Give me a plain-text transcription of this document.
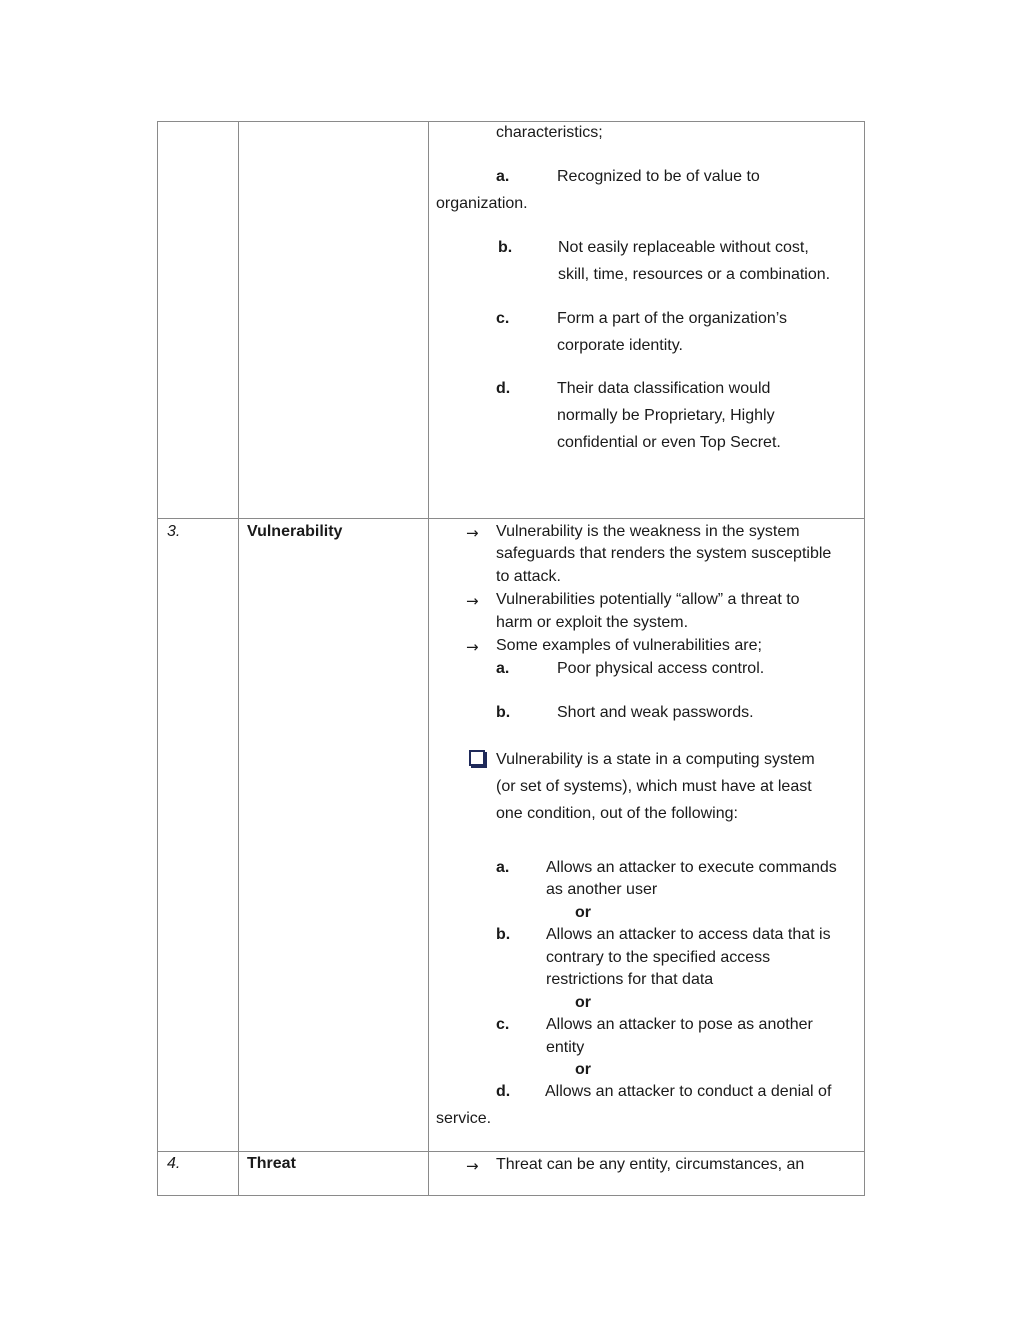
characteristics;
a.	Recognized to be of value to
organization.
b.	Not easily replaceable without cost,
skill, time, resources or a combination.
c.	Form a part of the organization’s
corporate identity.
d.	Their data classification would
normally be Proprietary, Highly
confidential or even Top Secret.
3.	Vulnerability	→ Vulnerability is the weakness in the system
safeguards that renders the system susceptible
to attack.
→ Vulnerabilities potentially “allow” a threat to
harm or exploit the system.
→ Some examples of vulnerabilities are;
a.	Poor physical access control.
b.	Short and weak passwords.
Vulnerability is a state in a computing system
(or set of systems), which must have at least
one condition, out of the following:
a. Allows an attacker to execute commands
as another user
or
b. Allows an attacker to access data that is
contrary to the specified access
restrictions for that data
or
c. Allows an attacker to pose as another
entity
or
d. Allows an attacker to conduct a denial of
service.
4.	Threat	→ Threat can be any entity, circumstances, an
